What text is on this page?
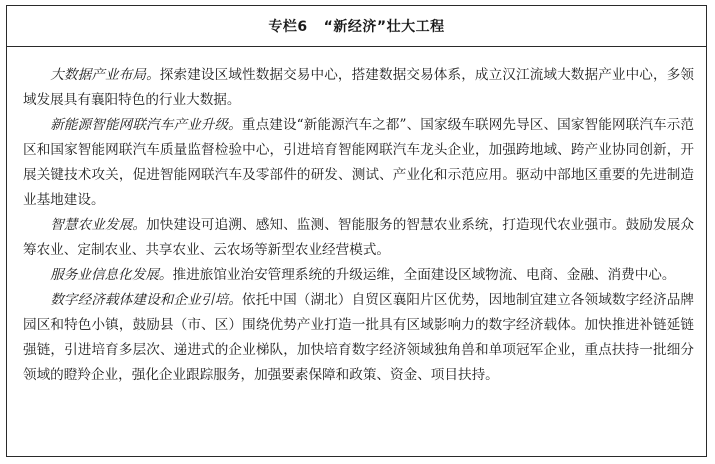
专栏6 “新经济”壮大工程

大数据产业布局。探索建设区域性数据交易中心，搭建数据交易体系，成立汉江流域大数据产业中心，多领域发展具有襄阳特色的行业大数据。

新能源智能网联汽车产业升级。重点建设“新能源汽车之都”、国家级车联网先导区、国家智能网联汽车示范区和国家智能网联汽车质量监督检验中心，引进培育智能网联汽车龙头企业，加强跨地域、跨产业协同创新，开展关键技术攻关，促进智能网联汽车及零部件的研发、测试、产业化和示范应用。驱动中部地区重要的先进制造业基地建设。

智慧农业发展。加快建设可追溯、感知、监测、智能服务的智慧农业系统，打造现代农业强市。鼓励发展众筹农业、定制农业、共享农业、云农场等新型农业经营模式。

服务业信息化发展。推进旅馆业治安管理系统的升级运维，全面建设区域物流、电商、金融、消费中心。

数字经济载体建设和企业引培。依托中国（湖北）自贸区襄阳片区优势，因地制宜建立各领域数字经济品牌园区和特色小镇，鼓励县（市、区）围绕优势产业打造一批具有区域影响力的数字经济载体。加快推进补链延链强链，引进培育多层次、递进式的企业梯队，加快培育数字经济领域独角兽和单项冠军企业，重点扶持一批细分领域的瞪羚企业，强化企业跟踪服务，加强要素保障和政策、资金、项目扶持。
